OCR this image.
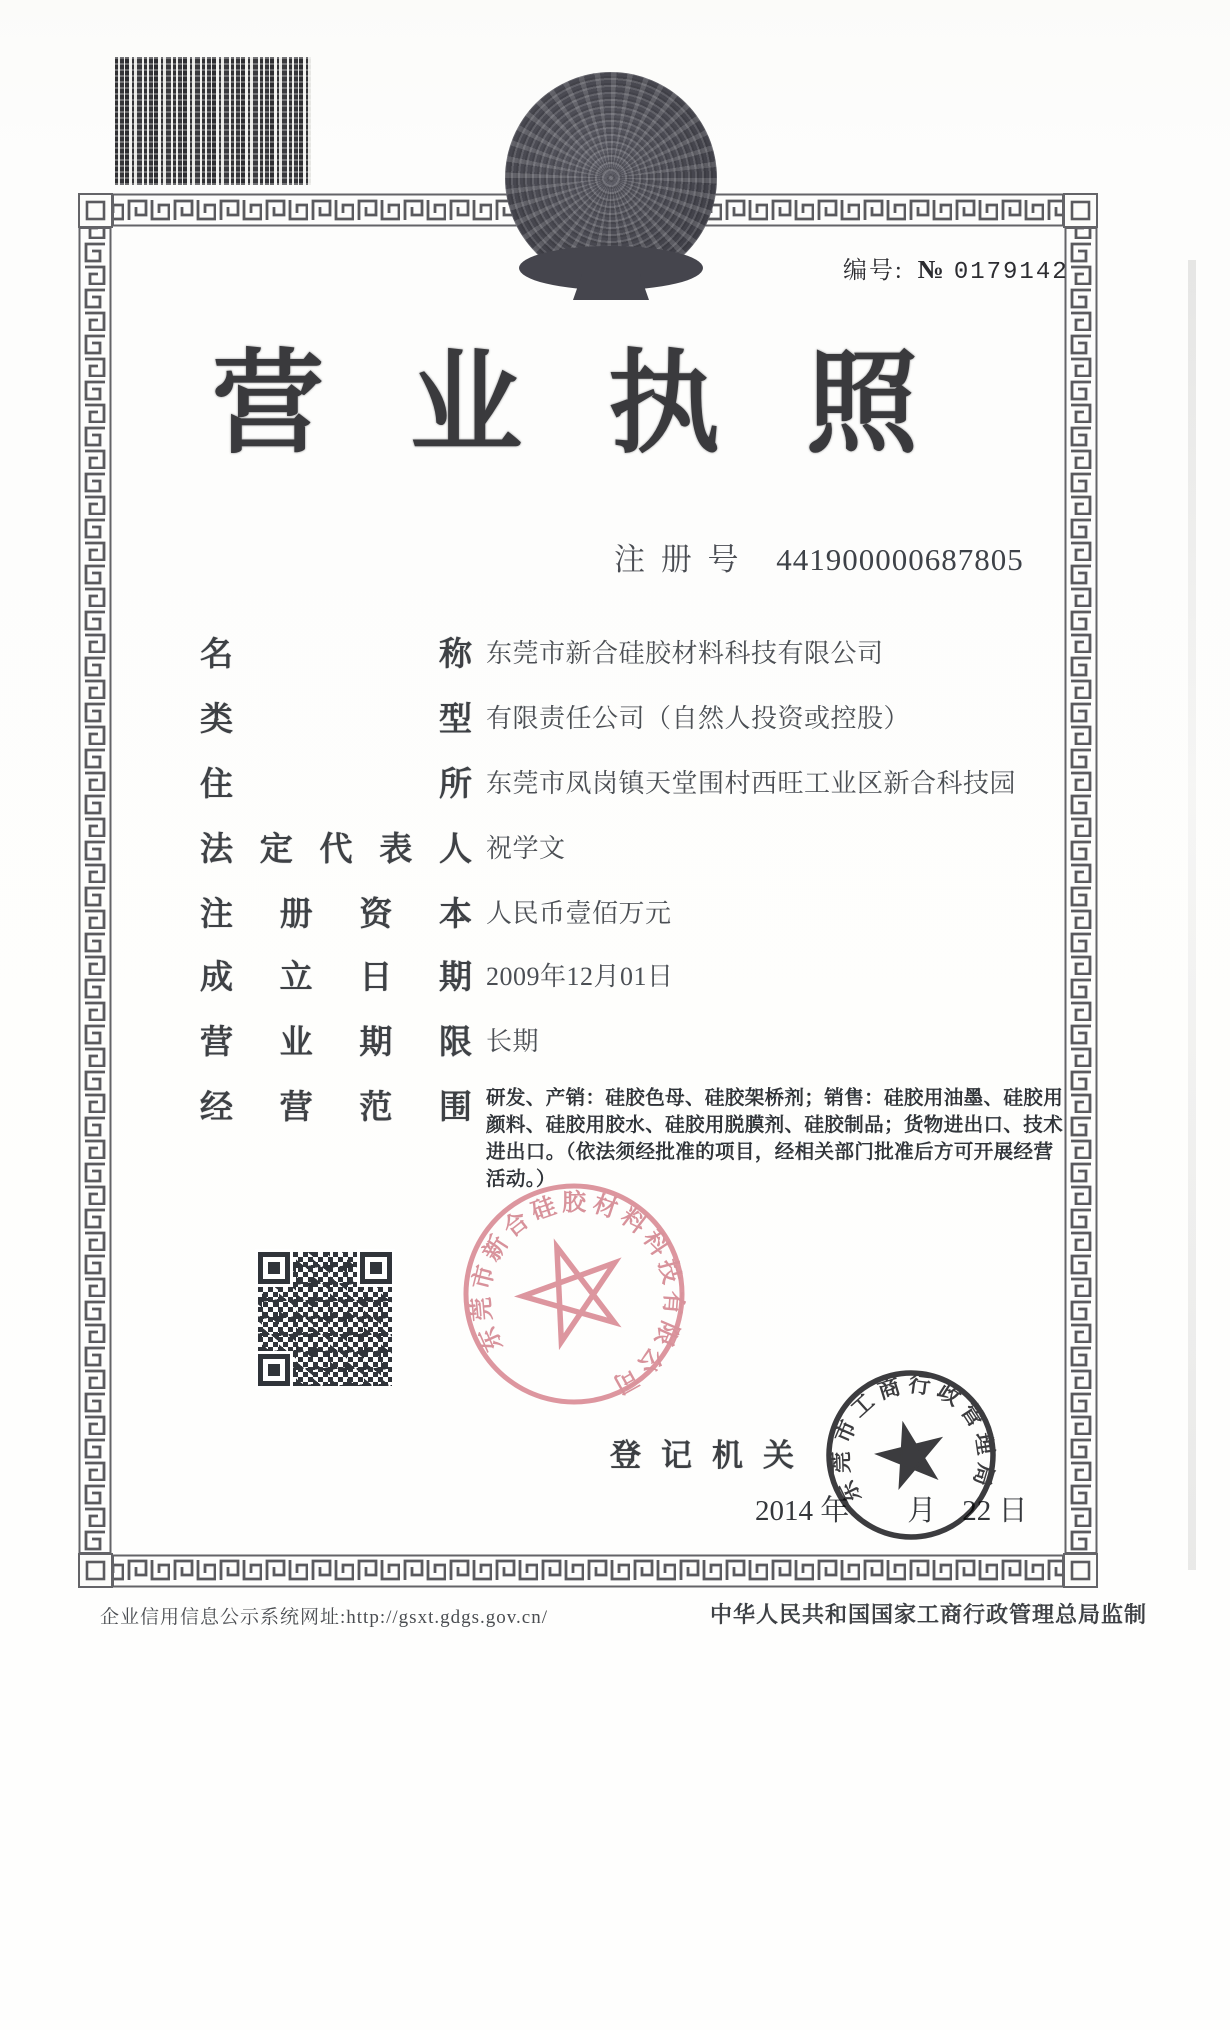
编号: № 0179142
营业执照
注 册 号 441900000687805
名称 东莞市新合硅胶材料科技有限公司
类型 有限责任公司（自然人投资或控股）
住所 东莞市凤岗镇天堂围村西旺工业区新合科技园
法定代表人 祝学文
注册资本 人民币壹佰万元
成立日期 2009年12月01日
营业期限 长期
经营范围 研发、产销：硅胶色母、硅胶架桥剂；销售：硅胶用油墨、硅胶用
颜料、硅胶用胶水、硅胶用脱膜剂、硅胶制品；货物进出口、技术
进出口。（依法须经批准的项目，经相关部门批准后方可开展经营
活动。）
登记机关
2014 年 月 22 日
东莞市新合硅胶材料科技有限公司
东莞市工商行政管理局
企业信用信息公示系统网址:http://gsxt.gdgs.gov.cn/	中华人民共和国国家工商行政管理总局监制
